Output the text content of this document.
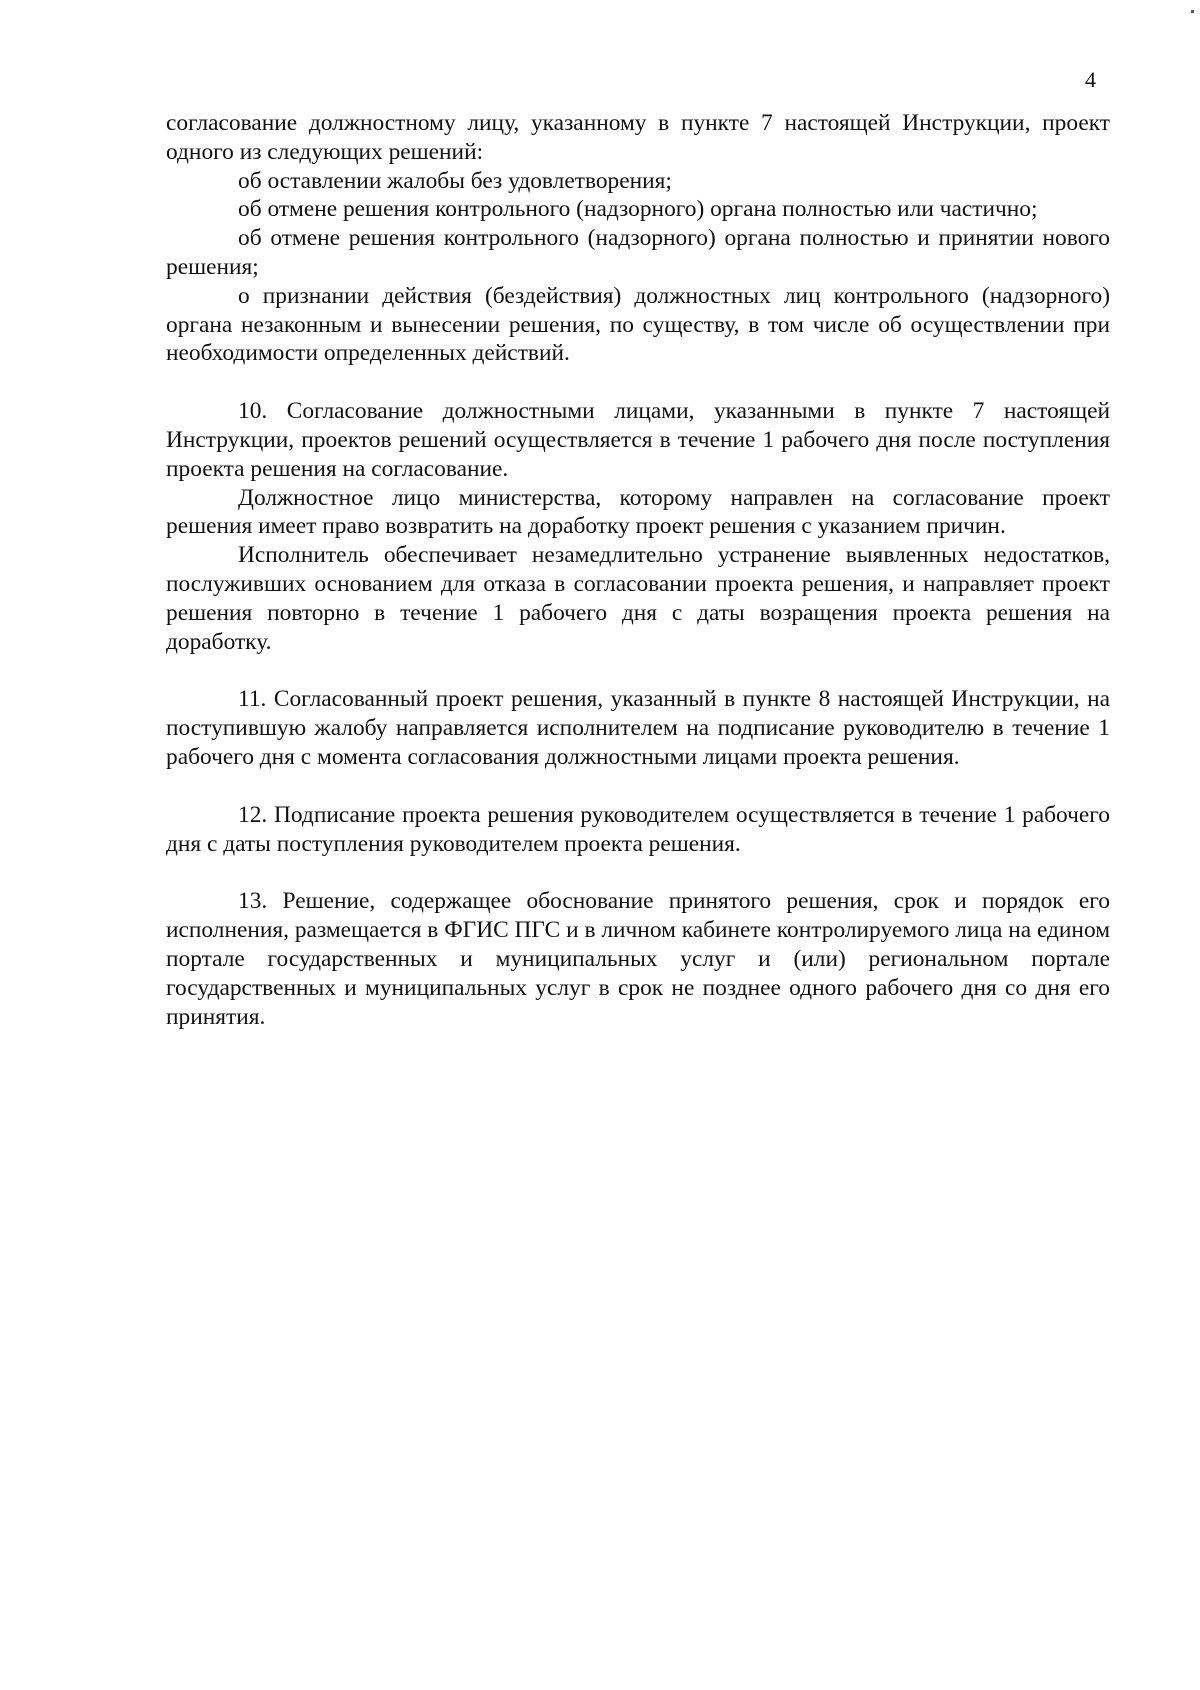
4

согласование должностному лицу, указанному в пункте 7 настоящей Инструкции, проект одного из следующих решений:

об оставлении жалобы без удовлетворения;

об отмене решения контрольного (надзорного) органа полностью или частично;

об отмене решения контрольного (надзорного) органа полностью и принятии нового решения;

о признании действия (бездействия) должностных лиц контрольного (надзорного) органа незаконным и вынесении решения, по существу, в том числе об осуществлении при необходимости определенных действий.

10. Согласование должностными лицами, указанными в пункте 7 настоящей Инструкции, проектов решений осуществляется в течение 1 рабочего дня после поступления проекта решения на согласование.

Должностное лицо министерства, которому направлен на согласование проект решения имеет право возвратить на доработку проект решения с указанием причин.

Исполнитель обеспечивает незамедлительно устранение выявленных недостатков, послуживших основанием для отказа в согласовании проекта решения, и направляет проект решения повторно в течение 1 рабочего дня с даты возращения проекта решения на доработку.

11. Согласованный проект решения, указанный в пункте 8 настоящей Инструкции, на поступившую жалобу направляется исполнителем на подписание руководителю в течение 1 рабочего дня с момента согласования должностными лицами проекта решения.

12. Подписание проекта решения руководителем осуществляется в течение 1 рабочего дня с даты поступления руководителем проекта решения.

13. Решение, содержащее обоснование принятого решения, срок и порядок его исполнения, размещается в ФГИС ПГС и в личном кабинете контролируемого лица на едином портале государственных и муниципальных услуг и (или) региональном портале государственных и муниципальных услуг в срок не позднее одного рабочего дня со дня его принятия.
